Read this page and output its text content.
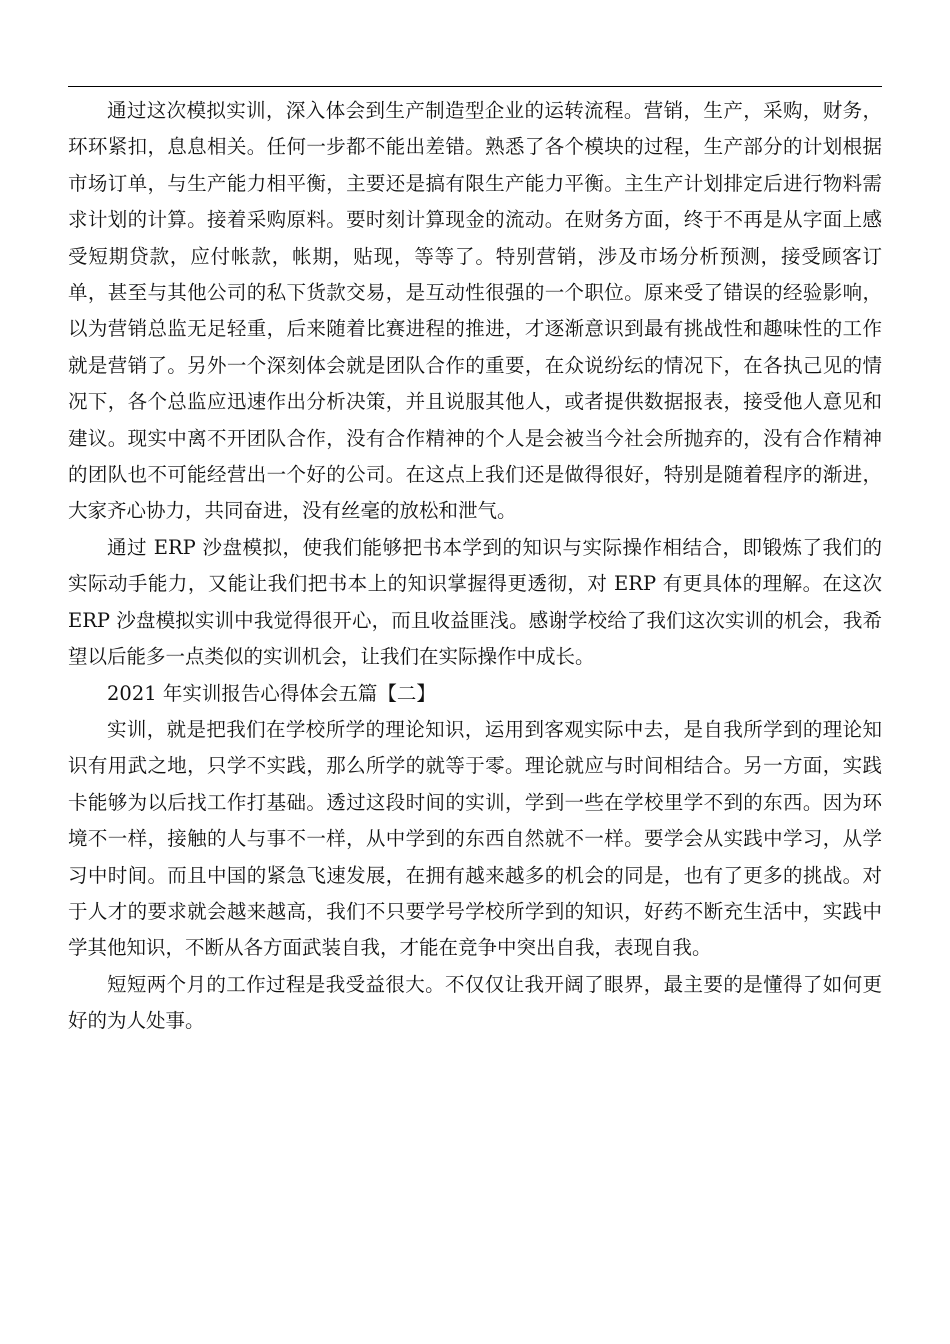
通过这次模拟实训，深入体会到生产制造型企业的运转流程。营销，生产，采购，财务，环环紧扣，息息相关。任何一步都不能出差错。熟悉了各个模块的过程，生产部分的计划根据市场订单，与生产能力相平衡，主要还是搞有限生产能力平衡。主生产计划排定后进行物料需求计划的计算。接着采购原料。要时刻计算现金的流动。在财务方面，终于不再是从字面上感受短期贷款，应付帐款，帐期，贴现，等等了。特别营销，涉及市场分析预测，接受顾客订单，甚至与其他公司的私下货款交易，是互动性很强的一个职位。原来受了错误的经验影响，以为营销总监无足轻重，后来随着比赛进程的推进，才逐渐意识到最有挑战性和趣味性的工作就是营销了。另外一个深刻体会就是团队合作的重要，在众说纷纭的情况下，在各执己见的情况下，各个总监应迅速作出分析决策，并且说服其他人，或者提供数据报表，接受他人意见和建议。现实中离不开团队合作，没有合作精神的个人是会被当今社会所抛弃的，没有合作精神的团队也不可能经营出一个好的公司。在这点上我们还是做得很好，特别是随着程序的渐进，大家齐心协力，共同奋进，没有丝毫的放松和泄气。

通过 ERP 沙盘模拟，使我们能够把书本学到的知识与实际操作相结合，即锻炼了我们的实际动手能力，又能让我们把书本上的知识掌握得更透彻，对 ERP 有更具体的理解。在这次 ERP 沙盘模拟实训中我觉得很开心，而且收益匪浅。感谢学校给了我们这次实训的机会，我希望以后能多一点类似的实训机会，让我们在实际操作中成长。

2021 年实训报告心得体会五篇【二】

实训，就是把我们在学校所学的理论知识，运用到客观实际中去，是自我所学到的理论知识有用武之地，只学不实践，那么所学的就等于零。理论就应与时间相结合。另一方面，实践卡能够为以后找工作打基础。透过这段时间的实训，学到一些在学校里学不到的东西。因为环境不一样，接触的人与事不一样，从中学到的东西自然就不一样。要学会从实践中学习，从学习中时间。而且中国的紧急飞速发展，在拥有越来越多的机会的同是，也有了更多的挑战。对于人才的要求就会越来越高，我们不只要学号学校所学到的知识，好药不断充生活中，实践中学其他知识，不断从各方面武装自我，才能在竞争中突出自我，表现自我。

短短两个月的工作过程是我受益很大。不仅仅让我开阔了眼界，最主要的是懂得了如何更好的为人处事。
